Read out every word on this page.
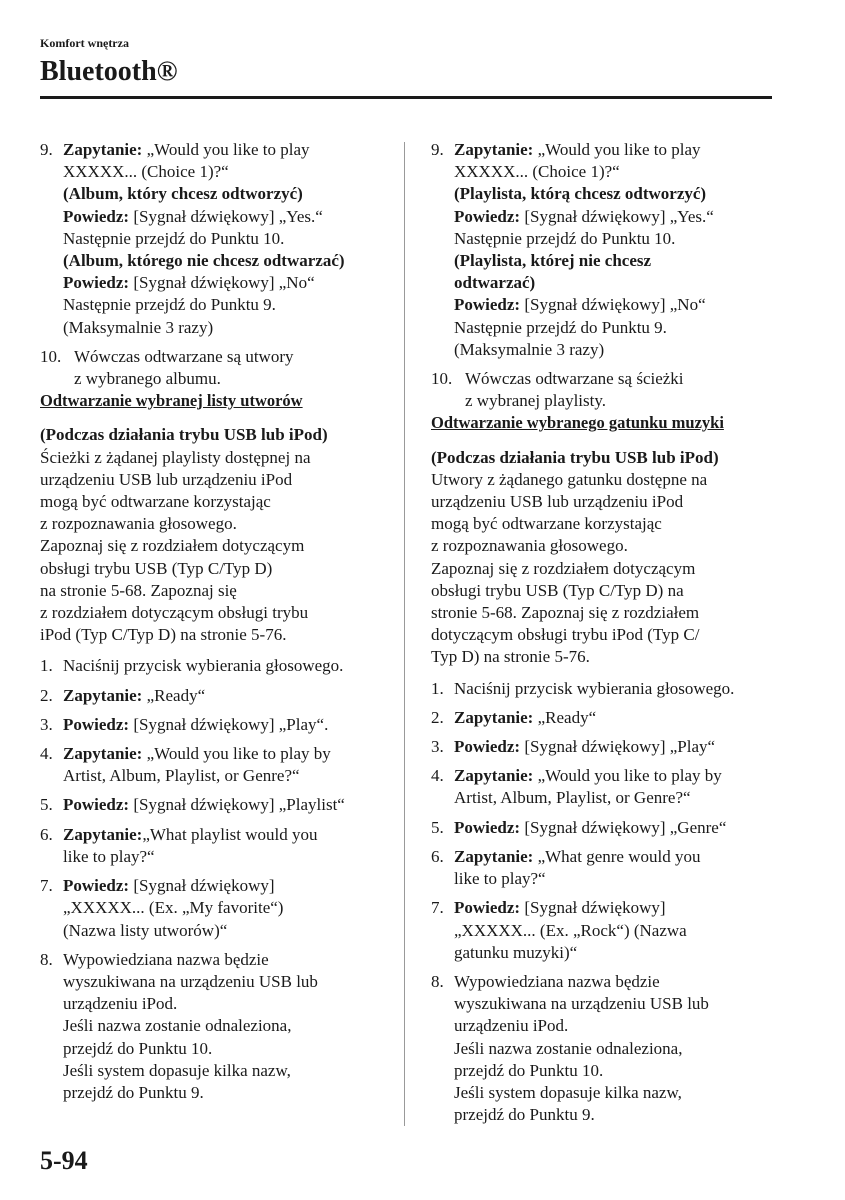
Komfort wnętrza
Bluetooth®
9. Zapytanie: „Would you like to play
XXXXX... (Choice 1)?“
(Album, który chcesz odtworzyć)
Powiedz: [Sygnał dźwiękowy] „Yes.“
Następnie przejdź do Punktu 10.
(Album, którego nie chcesz odtwarzać)
Powiedz: [Sygnał dźwiękowy] „No“
Następnie przejdź do Punktu 9.
(Maksymalnie 3 razy)
10. Wówczas odtwarzane są utwory
z wybranego albumu.

Odtwarzanie wybranej listy utworów

(Podczas działania trybu USB lub iPod)
Ścieżki z żądanej playlisty dostępnej na
urządzeniu USB lub urządzeniu iPod
mogą być odtwarzane korzystając
z rozpoznawania głosowego.
Zapoznaj się z rozdziałem dotyczącym
obsługi trybu USB (Typ C/Typ D)
na stronie 5-68. Zapoznaj się
z rozdziałem dotyczącym obsługi trybu
iPod (Typ C/Typ D) na stronie 5-76.
1. Naciśnij przycisk wybierania głosowego.
2. Zapytanie: „Ready“
3. Powiedz: [Sygnał dźwiękowy] „Play“.
4. Zapytanie: „Would you like to play by
Artist, Album, Playlist, or Genre?“
5. Powiedz: [Sygnał dźwiękowy] „Playlist“
6. Zapytanie:„What playlist would you
like to play?“
7. Powiedz: [Sygnał dźwiękowy]
„XXXXX... (Ex. „My favorite“)
(Nazwa listy utworów)“
8. Wypowiedziana nazwa będzie
wyszukiwana na urządzeniu USB lub
urządzeniu iPod.
Jeśli nazwa zostanie odnaleziona,
przejdź do Punktu 10.
Jeśli system dopasuje kilka nazw,
przejdź do Punktu 9.
9. Zapytanie: „Would you like to play
XXXXX... (Choice 1)?“
(Playlista, którą chcesz odtworzyć)
Powiedz: [Sygnał dźwiękowy] „Yes.“
Następnie przejdź do Punktu 10.
(Playlista, której nie chcesz
odtwarzać)
Powiedz: [Sygnał dźwiękowy] „No“
Następnie przejdź do Punktu 9.
(Maksymalnie 3 razy)
10. Wówczas odtwarzane są ścieżki
z wybranej playlisty.

Odtwarzanie wybranego gatunku muzyki

(Podczas działania trybu USB lub iPod)
Utwory z żądanego gatunku dostępne na
urządzeniu USB lub urządzeniu iPod
mogą być odtwarzane korzystając
z rozpoznawania głosowego.
Zapoznaj się z rozdziałem dotyczącym
obsługi trybu USB (Typ C/Typ D) na
stronie 5-68. Zapoznaj się z rozdziałem
dotyczącym obsługi trybu iPod (Typ C/
Typ D) na stronie 5-76.
1. Naciśnij przycisk wybierania głosowego.
2. Zapytanie: „Ready“
3. Powiedz: [Sygnał dźwiękowy] „Play“
4. Zapytanie: „Would you like to play by
Artist, Album, Playlist, or Genre?“
5. Powiedz: [Sygnał dźwiękowy] „Genre“
6. Zapytanie: „What genre would you
like to play?“
7. Powiedz: [Sygnał dźwiękowy]
„XXXXX... (Ex. „Rock“) (Nazwa
gatunku muzyki)“
8. Wypowiedziana nazwa będzie
wyszukiwana na urządzeniu USB lub
urządzeniu iPod.
Jeśli nazwa zostanie odnaleziona,
przejdź do Punktu 10.
Jeśli system dopasuje kilka nazw,
przejdź do Punktu 9.
5-94
